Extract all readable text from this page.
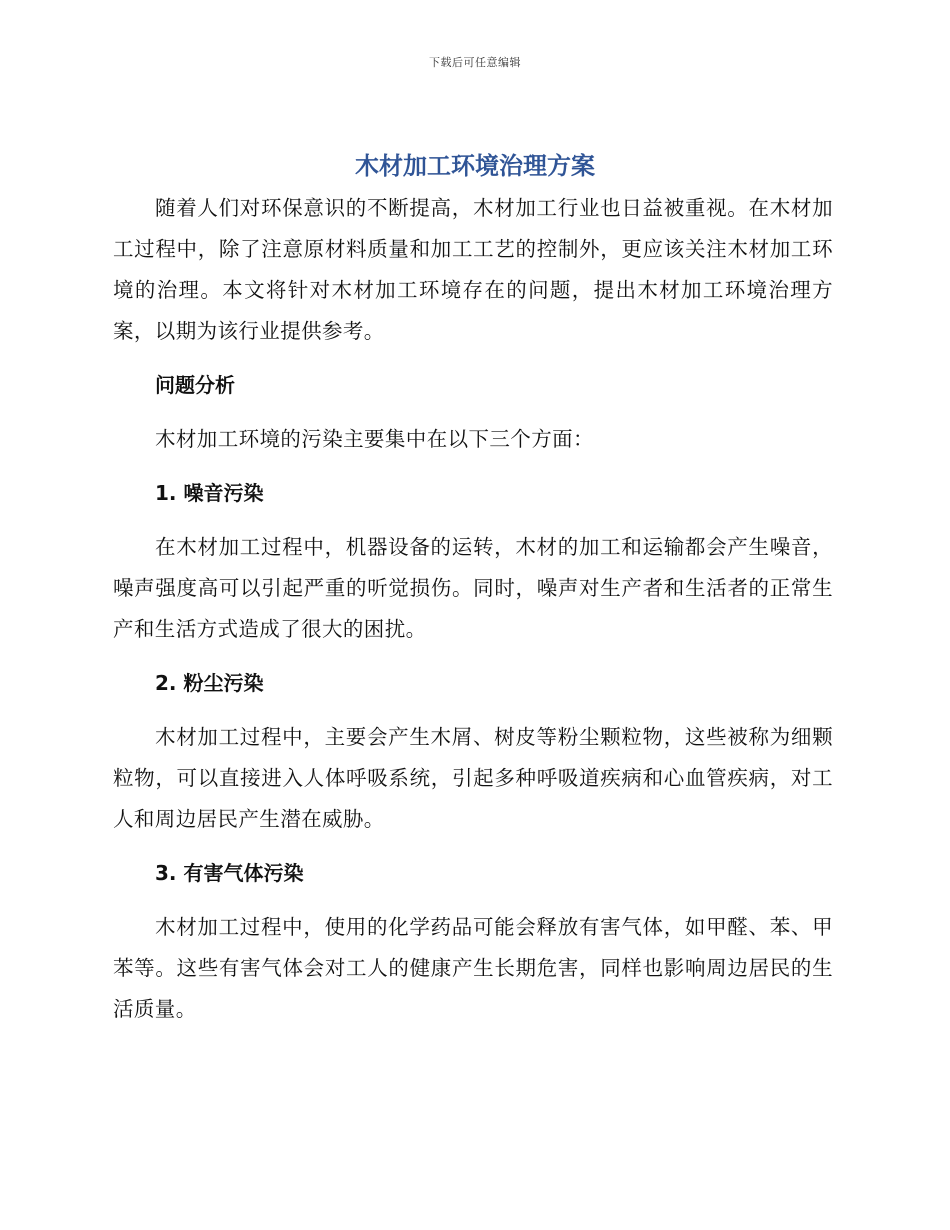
下载后可任意编辑
木材加工环境治理方案

随着人们对环保意识的不断提高，木材加工行业也日益被重视。在木材加工过程中，除了注意原材料质量和加工工艺的控制外，更应该关注木材加工环境的治理。本文将针对木材加工环境存在的问题，提出木材加工环境治理方案，以期为该行业提供参考。

问题分析

木材加工环境的污染主要集中在以下三个方面：

1. 噪音污染

在木材加工过程中，机器设备的运转，木材的加工和运输都会产生噪音，噪声强度高可以引起严重的听觉损伤。同时，噪声对生产者和生活者的正常生产和生活方式造成了很大的困扰。

2. 粉尘污染

木材加工过程中，主要会产生木屑、树皮等粉尘颗粒物，这些被称为细颗粒物，可以直接进入人体呼吸系统，引起多种呼吸道疾病和心血管疾病，对工人和周边居民产生潜在威胁。

3. 有害气体污染

木材加工过程中，使用的化学药品可能会释放有害气体，如甲醛、苯、甲苯等。这些有害气体会对工人的健康产生长期危害，同样也影响周边居民的生活质量。
